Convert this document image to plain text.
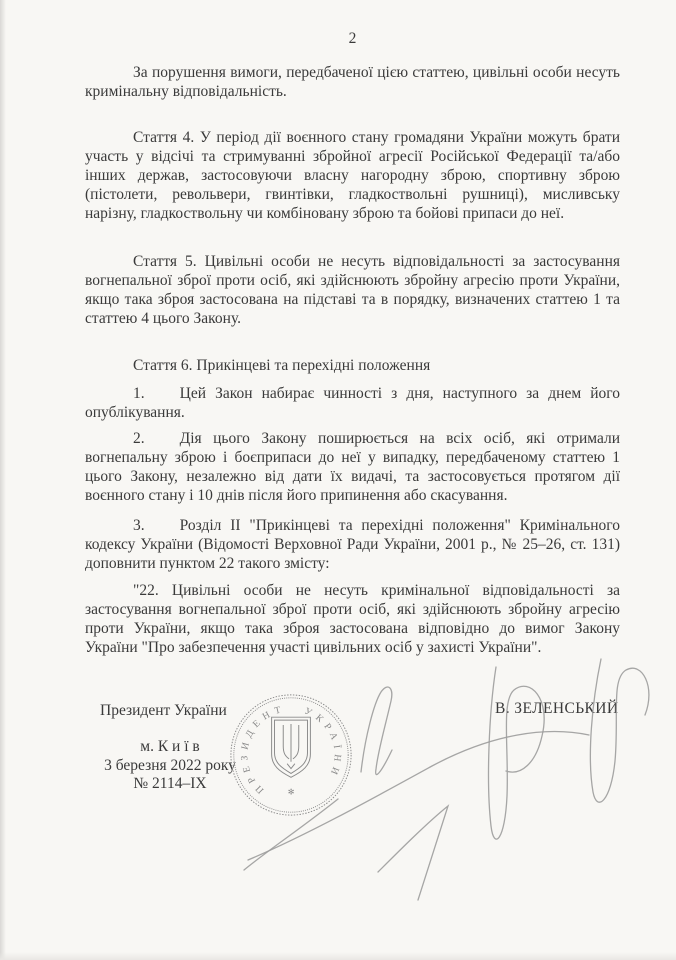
2
За порушення вимоги, передбаченої цією статтею, цивільні особи несуть
кримінальну відповідальність.
Стаття 4. У період дії воєнного стану громадяни України можуть брати
участь у відсічі та стримуванні збройної агресії Російської Федерації та/або
інших держав, застосовуючи власну нагородну зброю, спортивну зброю
(пістолети, револьвери, гвинтівки, гладкоствольні рушниці), мисливську
нарізну, гладкоствольну чи комбіновану зброю та бойові припаси до неї.
Стаття 5. Цивільні особи не несуть відповідальності за застосування
вогнепальної зброї проти осіб, які здійснюють збройну агресію проти України,
якщо така зброя застосована на підставі та в порядку, визначених статтею 1 та
статтею 4 цього Закону.
Стаття 6. Прикінцеві та перехідні положення
1. Цей Закон набирає чинності з дня, наступного за днем його
опублікування.
2. Дія цього Закону поширюється на всіх осіб, які отримали
вогнепальну зброю і боєприпаси до неї у випадку, передбаченому статтею 1
цього Закону, незалежно від дати їх видачі, та застосовується протягом дії
воєнного стану і 10 днів після його припинення або скасування.
3. Розділ II "Прикінцеві та перехідні положення" Кримінального
кодексу України (Відомості Верховної Ради України, 2001 р., № 25–26, ст. 131)
доповнити пунктом 22 такого змісту:
"22. Цивільні особи не несуть кримінальної відповідальності за
застосування вогнепальної зброї проти осіб, які здійснюють збройну агресію
проти України, якщо така зброя застосована відповідно до вимог Закону
України "Про забезпечення участі цивільних осіб у захисті України".
Президент України	В. ЗЕЛЕНСЬКИЙ
м. К и ї в
3 березня 2022 року
№ 2114–IX	ПРЕЗИДЕНТ УКРАЇНИ
✻
